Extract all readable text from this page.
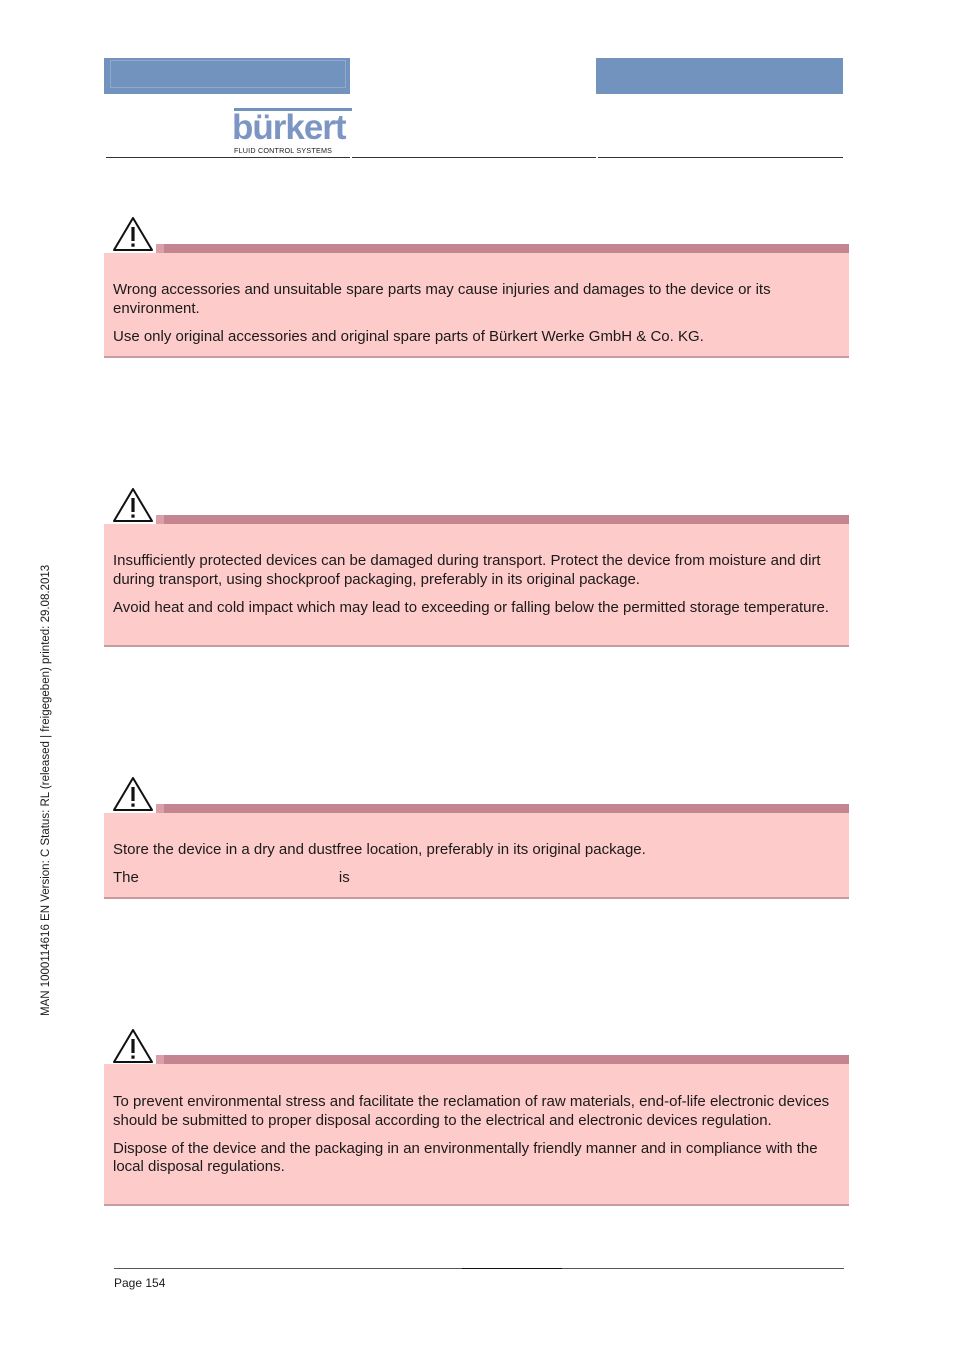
bürkert
FLUID CONTROL SYSTEMS
MAN 1000114616 EN Version: C Status: RL (released | freigegeben) printed: 29.08.2013

Wrong accessories and unsuitable spare parts may cause injuries and damages to the device or its environment.

Use only original accessories and original spare parts of Bürkert Werke GmbH & Co. KG.

Insufficiently protected devices can be damaged during transport. Protect the device from moisture and dirt during transport, using shockproof packaging, preferably in its original package.

Avoid heat and cold impact which may lead to exceeding or falling below the permitted storage temperature.

Store the device in a dry and dustfree location, preferably in its original package.

The	is

To prevent environmental stress and facilitate the reclamation of raw materials, end-of-life electronic devices should be submitted to proper disposal according to the electrical and electronic devices regulation.

Dispose of the device and the packaging in an environmentally friendly manner and in compliance with the local disposal regulations.

Page 154
